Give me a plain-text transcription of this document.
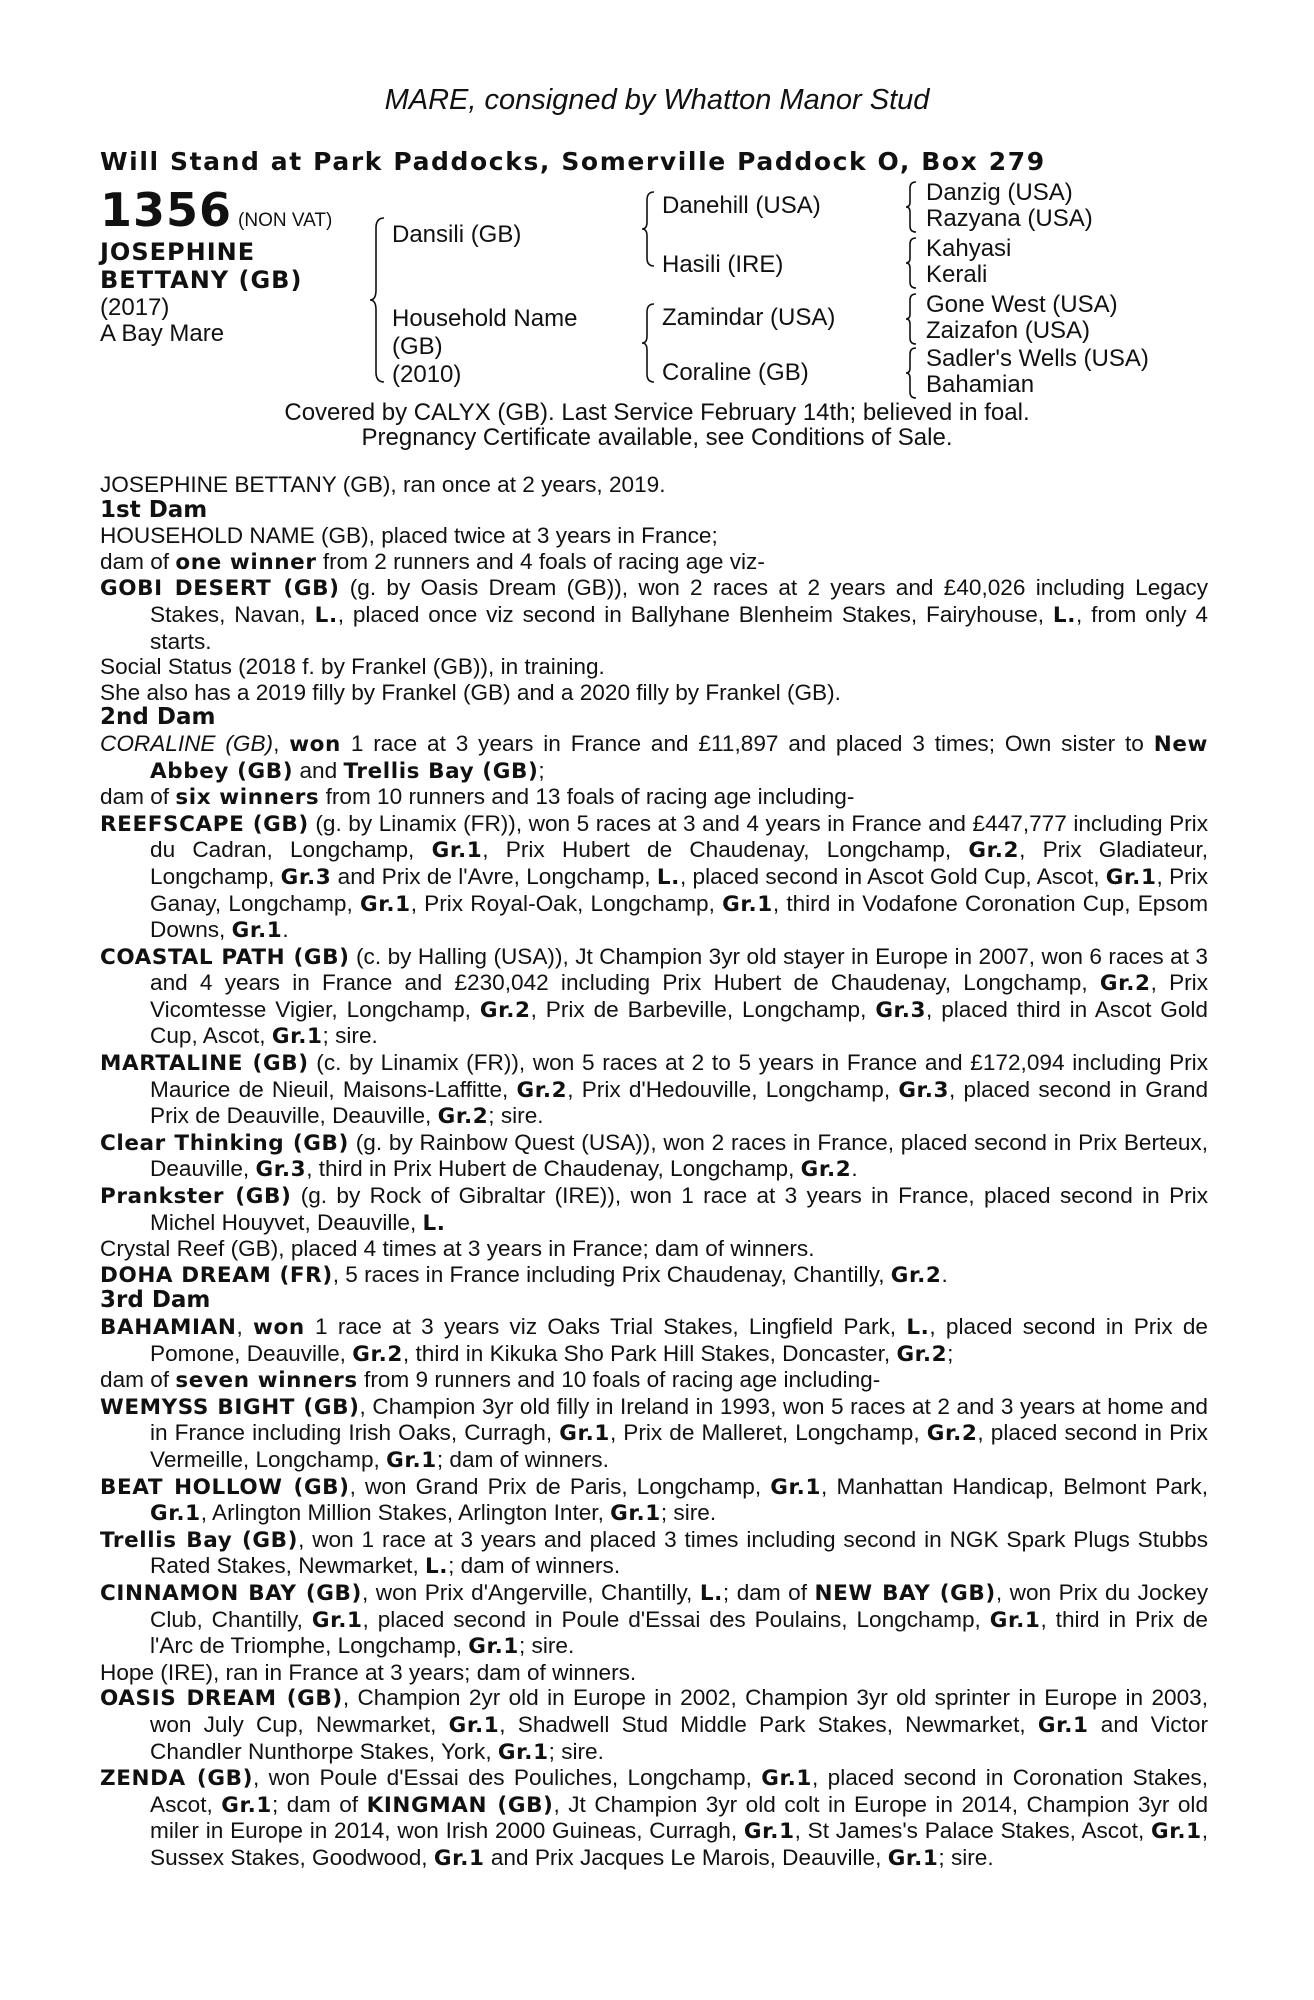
MARE, consigned by Whatton Manor Stud
Will Stand at Park Paddocks, Somerville Paddock O, Box 279
1356 (NON VAT)
JOSEPHINE
BETTANY (GB)
(2017)
A Bay Mare
Dansili (GB)
Household Name
(GB)
(2010)
Danehill (USA)
Hasili (IRE)
Zamindar (USA)
Coraline (GB)
Danzig (USA)
Razyana (USA)
Kahyasi
Kerali
Gone West (USA)
Zaizafon (USA)
Sadler's Wells (USA)
Bahamian
Covered by CALYX (GB). Last Service February 14th; believed in foal.
Pregnancy Certificate available, see Conditions of Sale.

JOSEPHINE BETTANY (GB), ran once at 2 years, 2019.

1st Dam

HOUSEHOLD NAME (GB), placed twice at 3 years in France;

dam of one winner from 2 runners and 4 foals of racing age viz-

GOBI DESERT (GB) (g. by Oasis Dream (GB)), won 2 races at 2 years and £40,026 including Legacy Stakes, Navan, L., placed once viz second in Ballyhane Blenheim Stakes, Fairyhouse, L., from only 4 starts.

Social Status (2018 f. by Frankel (GB)), in training.

She also has a 2019 filly by Frankel (GB) and a 2020 filly by Frankel (GB).

2nd Dam

CORALINE (GB), won 1 race at 3 years in France and £11,897 and placed 3 times; Own sister to New Abbey (GB) and Trellis Bay (GB);

dam of six winners from 10 runners and 13 foals of racing age including-

REEFSCAPE (GB) (g. by Linamix (FR)), won 5 races at 3 and 4 years in France and £447,777 including Prix du Cadran, Longchamp, Gr.1, Prix Hubert de Chaudenay, Longchamp, Gr.2, Prix Gladiateur, Longchamp, Gr.3 and Prix de l'Avre, Longchamp, L., placed second in Ascot Gold Cup, Ascot, Gr.1, Prix Ganay, Longchamp, Gr.1, Prix Royal-Oak, Longchamp, Gr.1, third in Vodafone Coronation Cup, Epsom Downs, Gr.1.

COASTAL PATH (GB) (c. by Halling (USA)), Jt Champion 3yr old stayer in Europe in 2007, won 6 races at 3 and 4 years in France and £230,042 including Prix Hubert de Chaudenay, Longchamp, Gr.2, Prix Vicomtesse Vigier, Longchamp, Gr.2, Prix de Barbeville, Longchamp, Gr.3, placed third in Ascot Gold Cup, Ascot, Gr.1; sire.

MARTALINE (GB) (c. by Linamix (FR)), won 5 races at 2 to 5 years in France and £172,094 including Prix Maurice de Nieuil, Maisons-Laffitte, Gr.2, Prix d'Hedouville, Longchamp, Gr.3, placed second in Grand Prix de Deauville, Deauville, Gr.2; sire.

Clear Thinking (GB) (g. by Rainbow Quest (USA)), won 2 races in France, placed second in Prix Berteux, Deauville, Gr.3, third in Prix Hubert de Chaudenay, Longchamp, Gr.2.

Prankster (GB) (g. by Rock of Gibraltar (IRE)), won 1 race at 3 years in France, placed second in Prix Michel Houyvet, Deauville, L.

Crystal Reef (GB), placed 4 times at 3 years in France; dam of winners.

DOHA DREAM (FR), 5 races in France including Prix Chaudenay, Chantilly, Gr.2.

3rd Dam

BAHAMIAN, won 1 race at 3 years viz Oaks Trial Stakes, Lingfield Park, L., placed second in Prix de Pomone, Deauville, Gr.2, third in Kikuka Sho Park Hill Stakes, Doncaster, Gr.2;

dam of seven winners from 9 runners and 10 foals of racing age including-

WEMYSS BIGHT (GB), Champion 3yr old filly in Ireland in 1993, won 5 races at 2 and 3 years at home and in France including Irish Oaks, Curragh, Gr.1, Prix de Malleret, Longchamp, Gr.2, placed second in Prix Vermeille, Longchamp, Gr.1; dam of winners.

BEAT HOLLOW (GB), won Grand Prix de Paris, Longchamp, Gr.1, Manhattan Handicap, Belmont Park, Gr.1, Arlington Million Stakes, Arlington Inter, Gr.1; sire.

Trellis Bay (GB), won 1 race at 3 years and placed 3 times including second in NGK Spark Plugs Stubbs Rated Stakes, Newmarket, L.; dam of winners.

CINNAMON BAY (GB), won Prix d'Angerville, Chantilly, L.; dam of NEW BAY (GB), won Prix du Jockey Club, Chantilly, Gr.1, placed second in Poule d'Essai des Poulains, Longchamp, Gr.1, third in Prix de l'Arc de Triomphe, Longchamp, Gr.1; sire.

Hope (IRE), ran in France at 3 years; dam of winners.

OASIS DREAM (GB), Champion 2yr old in Europe in 2002, Champion 3yr old sprinter in Europe in 2003, won July Cup, Newmarket, Gr.1, Shadwell Stud Middle Park Stakes, Newmarket, Gr.1 and Victor Chandler Nunthorpe Stakes, York, Gr.1; sire.

ZENDA (GB), won Poule d'Essai des Pouliches, Longchamp, Gr.1, placed second in Coronation Stakes, Ascot, Gr.1; dam of KINGMAN (GB), Jt Champion 3yr old colt in Europe in 2014, Champion 3yr old miler in Europe in 2014, won Irish 2000 Guineas, Curragh, Gr.1, St James's Palace Stakes, Ascot, Gr.1, Sussex Stakes, Goodwood, Gr.1 and Prix Jacques Le Marois, Deauville, Gr.1; sire.
